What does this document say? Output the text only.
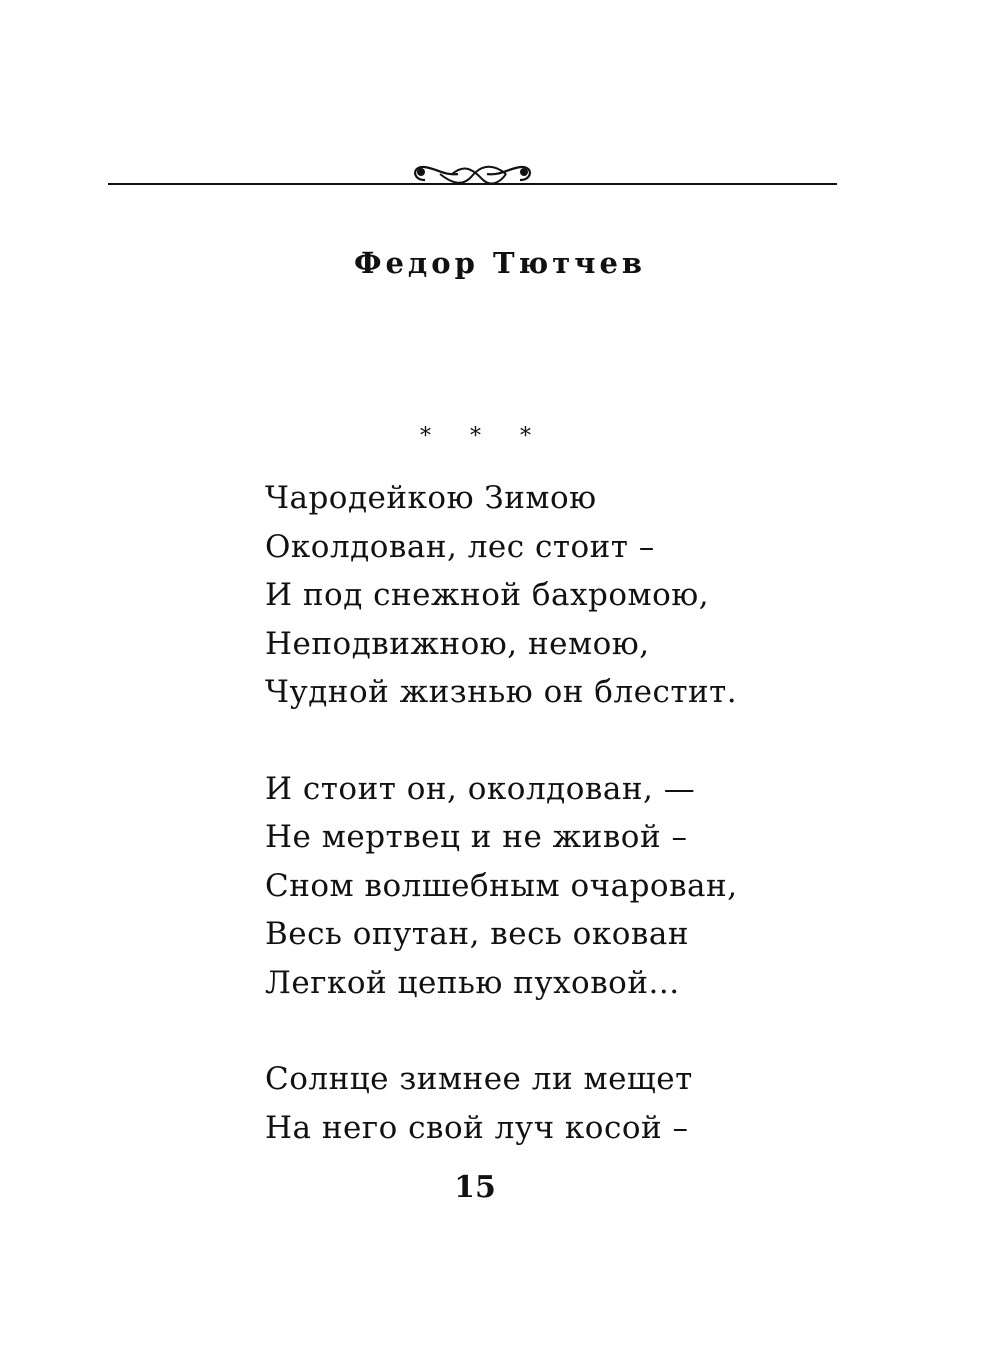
Федор Тютчев
* * *
Чародейкою Зимою
Околдован, лес стоит –
И под снежной бахромою,
Неподвижною, немою,
Чудной жизнью он блестит.
И стоит он, околдован, —
Не мертвец и не живой –
Сном волшебным очарован,
Весь опутан, весь окован
Легкой цепью пуховой...
Солнце зимнее ли мещет
На него свой луч косой –
15
